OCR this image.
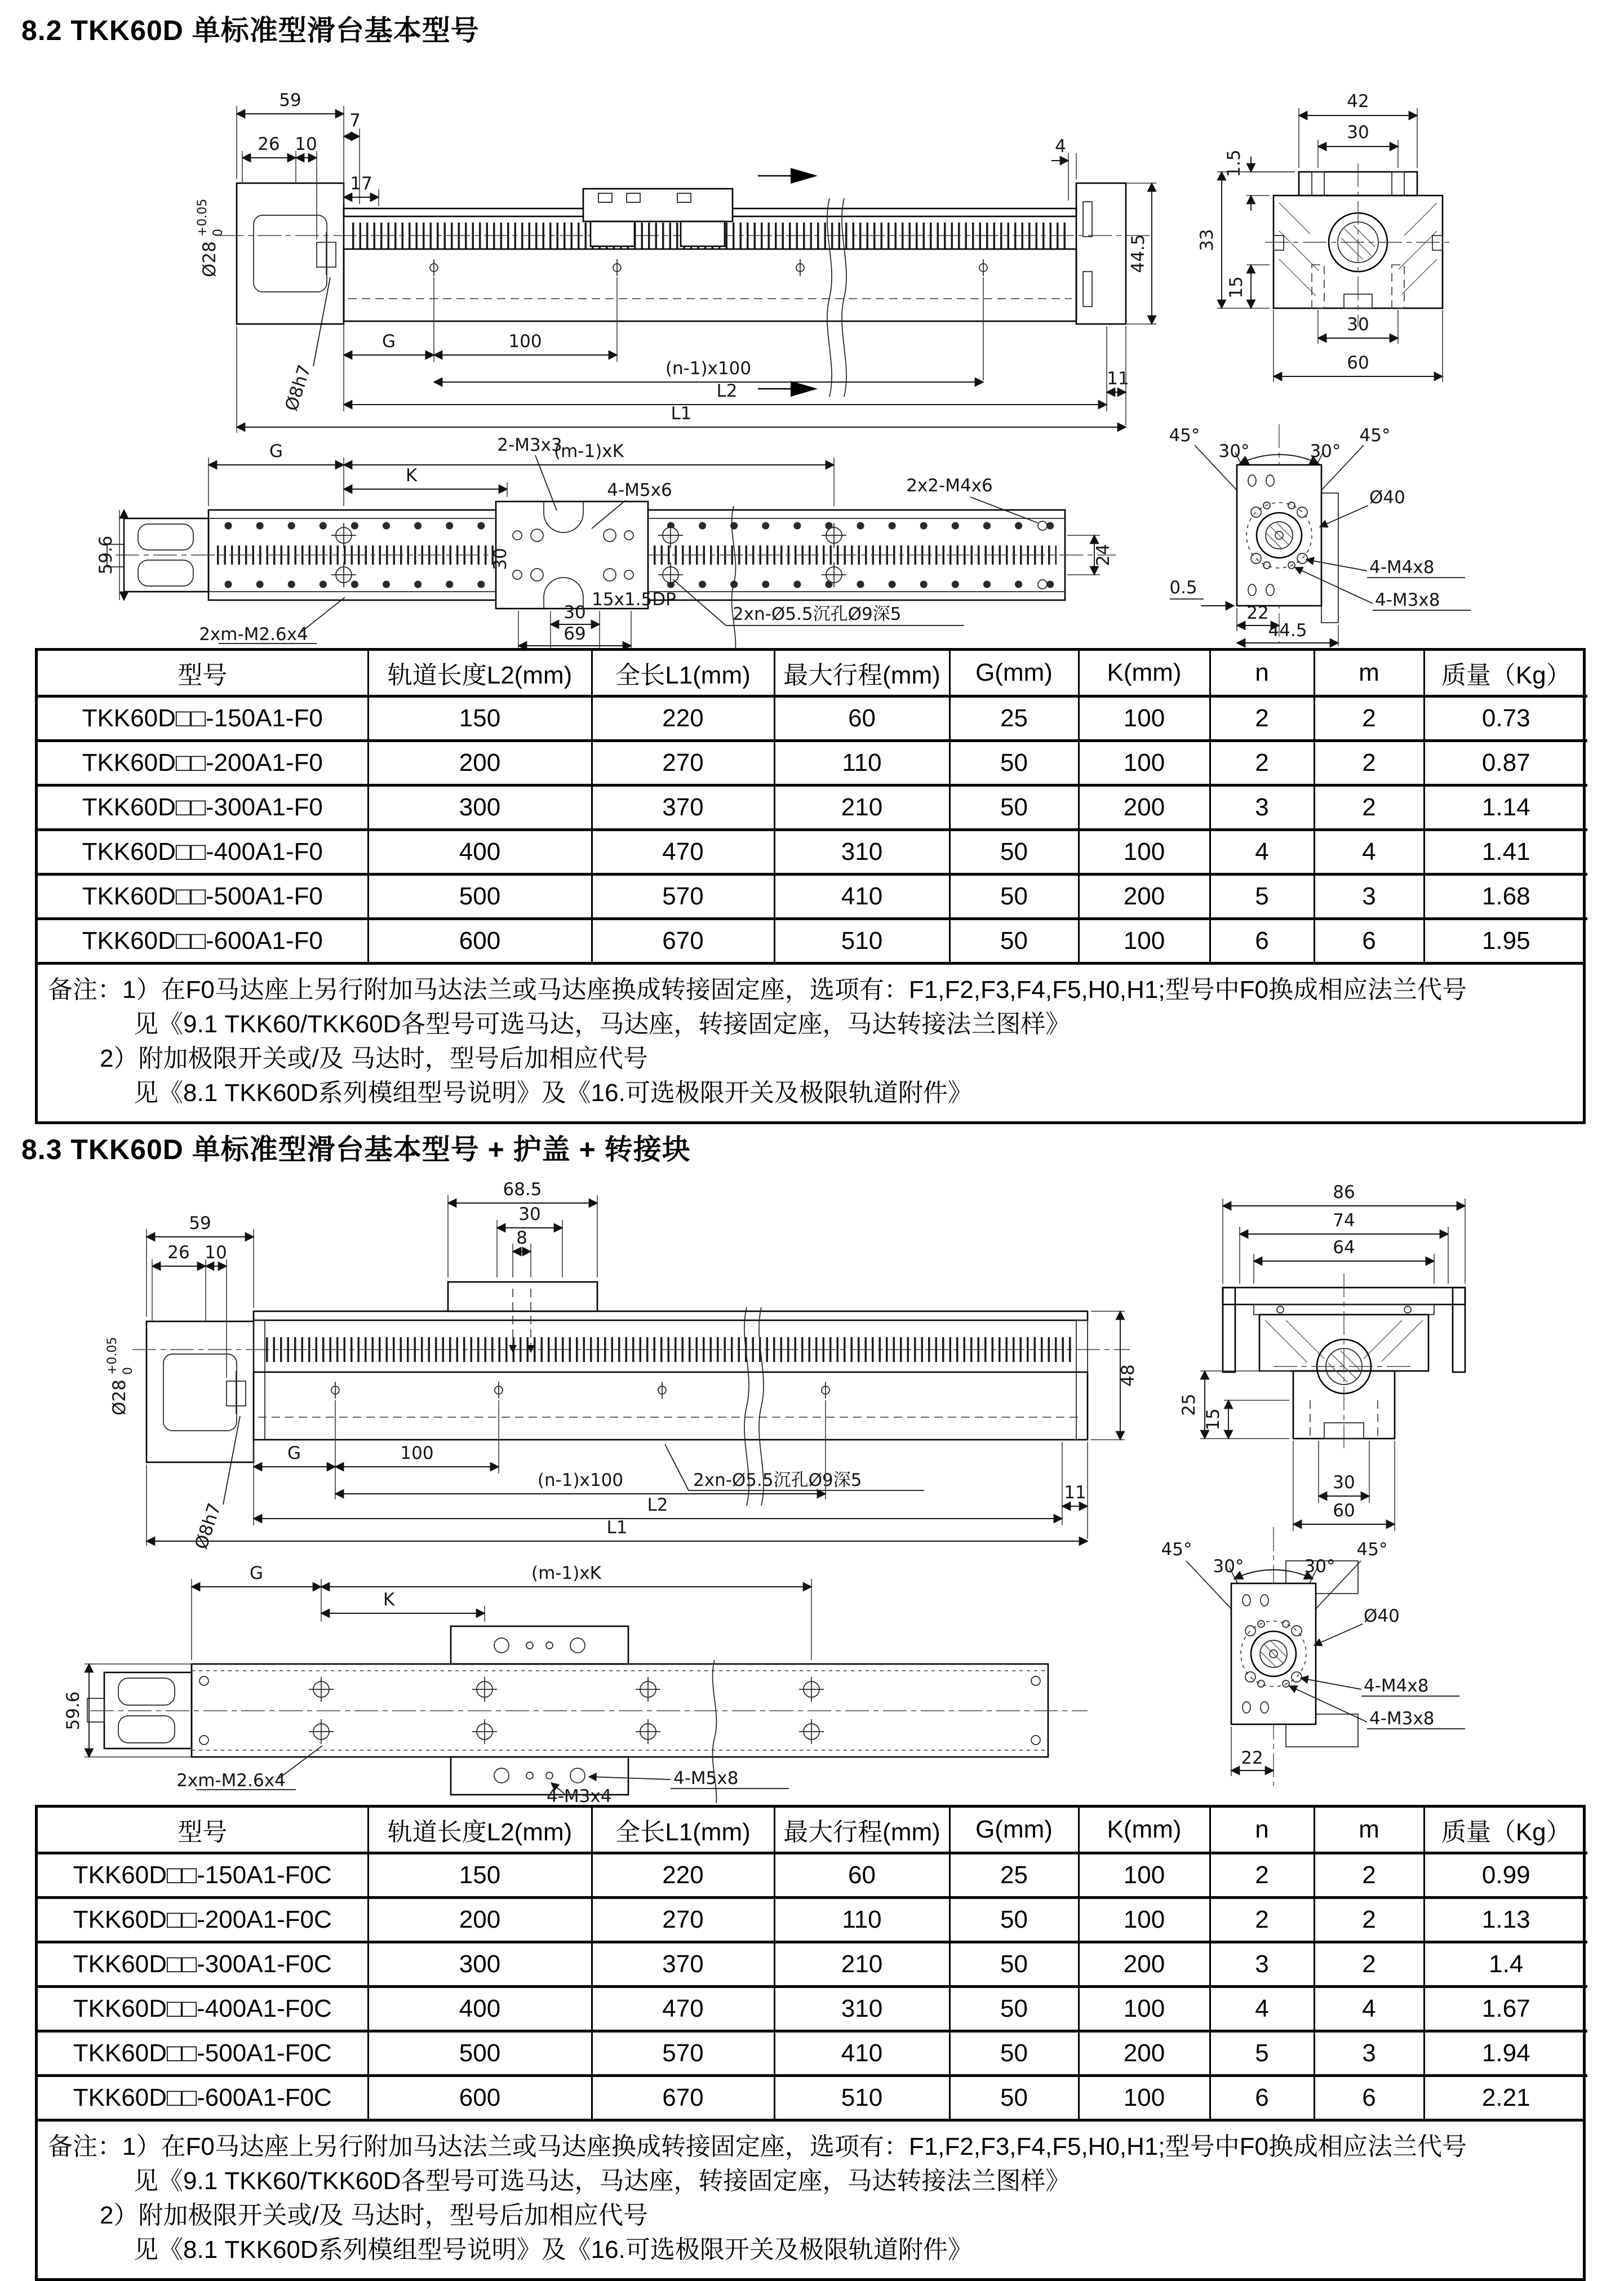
8.2 TKK60D 单标准型滑台基本型号
59
7
26 10
17
Ø28
+0.05 0
Ø8h7
4
44.5
G	100
(n-1)x100
L2
11
L1
42
30
1.5
33
15
30
60
30
G	(m-1)xK
K
2-M3x3
4-M5x6	2x2-M4x6
59.6	24
2xm-M2.6x4
15x1.5DP
30
69
2xn-Ø5.5沉孔Ø9深5
45°	45°
30°	30°
Ø40
4-M4x8
4-M3x8
0.5
22
44.5
型号	轨道长度L2(mm)	全长L1(mm)	最大行程(mm)	G(mm)	K(mm)	n	m	质量（Kg）
TKK60D□□-150A1-F0	150	220	60	25	100	2	2	0.73
TKK60D□□-200A1-F0	200	270	110	50	100	2	2	0.87
TKK60D□□-300A1-F0	300	370	210	50	200	3	2	1.14
TKK60D□□-400A1-F0	400	470	310	50	100	4	4	1.41
TKK60D□□-500A1-F0	500	570	410	50	200	5	3	1.68
TKK60D□□-600A1-F0	600	670	510	50	100	6	6	1.95
备注：1）在F0马达座上另行附加马达法兰或马达座换成转接固定座，选项有：F1,F2,F3,F4,F5,H0,H1;型号中F0换成相应法兰代号
见《9.1 TKK60/TKK60D各型号可选马达，马达座，转接固定座，马达转接法兰图样》
2）附加极限开关或/及 马达时，型号后加相应代号
见《8.1 TKK60D系列模组型号说明》及《16.可选极限开关及极限轨道附件》
8.3 TKK60D 单标准型滑台基本型号 + 护盖 + 转接块
68.5
30
8
59
26 10
Ø28
+0.05 0
Ø8h7
48
2xn-Ø5.5沉孔Ø9深5
G	100
(n-1)x100
L2
11
L1
86
74
64
25
15
30
60
G	(m-1)xK
K
59.6
2xm-M2.6x4	4-M5x8
4-M3x4
45°	45°
30°	30°
Ø40
4-M4x8
4-M3x8
22
型号	轨道长度L2(mm)	全长L1(mm)	最大行程(mm)	G(mm)	K(mm)	n	m	质量（Kg）
TKK60D□□-150A1-F0C	150	220	60	25	100	2	2	0.99
TKK60D□□-200A1-F0C	200	270	110	50	100	2	2	1.13
TKK60D□□-300A1-F0C	300	370	210	50	200	3	2	1.4
TKK60D□□-400A1-F0C	400	470	310	50	100	4	4	1.67
TKK60D□□-500A1-F0C	500	570	410	50	200	5	3	1.94
TKK60D□□-600A1-F0C	600	670	510	50	100	6	6	2.21
备注：1）在F0马达座上另行附加马达法兰或马达座换成转接固定座，选项有：F1,F2,F3,F4,F5,H0,H1;型号中F0换成相应法兰代号
见《9.1 TKK60/TKK60D各型号可选马达，马达座，转接固定座，马达转接法兰图样》
2）附加极限开关或/及 马达时，型号后加相应代号
见《8.1 TKK60D系列模组型号说明》及《16.可选极限开关及极限轨道附件》
